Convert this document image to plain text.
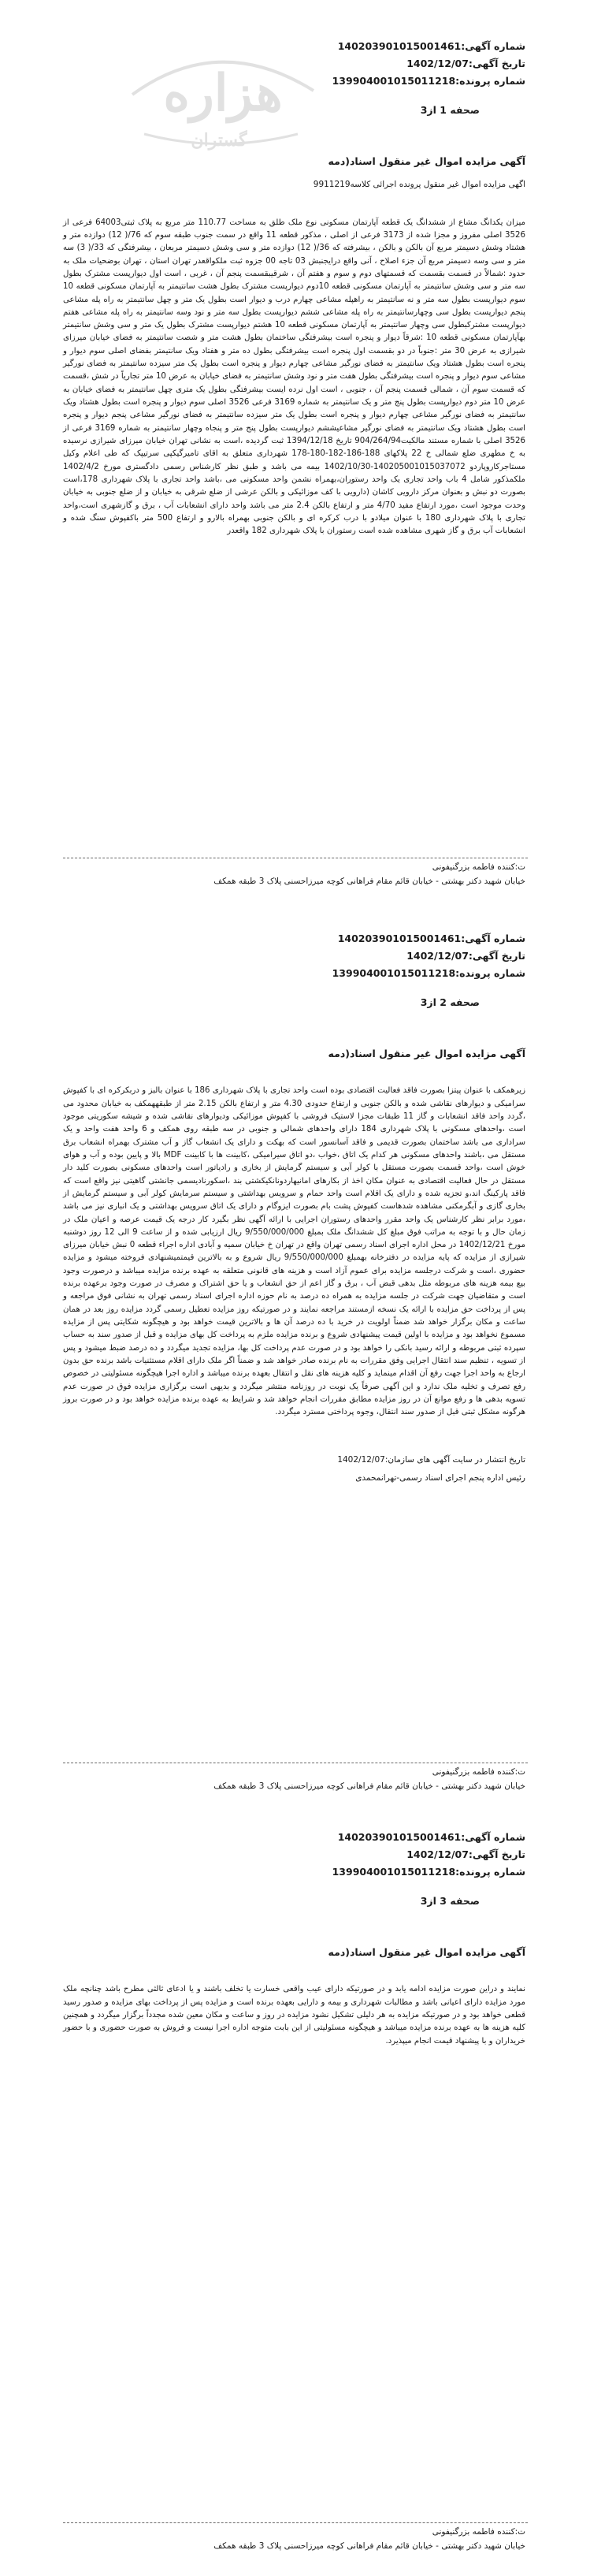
هزاره
گستران
شماره آگهی:1402039010150014​61
تاریخ آگهی:1402/12/07
شماره پرونده:139904001015011218
صحفه 1 از3
آگهی مزایده اموال غیر منقول اسناد(دمه
اگهی مزایده اموال غیر منقول پرونده اجرائی کلاسه9911219
میزان یکدانگ مشاع از ششدانگ یک قطعه آپارتمان مسکونی نوع ملک طلق به مساحت 110.77 متر مربع به پلاک ثبتی64003 فرعی از 3526 اصلی مفروز و مجزا شده از 3173 فرعی از اصلی ، مذکور قطعه 11 واقع در سمت جنوب طبقه سوم که 76/( 12) دوازده متر و هشتاد وشش دسیمتر مربع آن بالکن و بالکن ، بیشرفته که 36/( 12) دوازده متر و سی وشش دسیمتر مربعان ، بیشرفتگی که 33/( 3) سه متر و سی وسه دسیمتر مربع آن جزء اصلاح ، آنی واقع درایجنبش 03 تاجه 00 جزوه ثبت ملکواقعدر تهران استان ، تهران بوضحیات ملک به حدود :شمالاً در قسمت بقسمت که قسمتهای دوم و سوم و هفتم آن ، شرقیبقسمت پنجم آن ، غربی ، است اول دیوارپست مشترک بطول سه متر و سی وشش سانتیمتر به آپارتمان مسکونی قطعه 10دوم دیوارپست مشترک بطول هشت سانتیمتر به آپارتمان مسکونی قطعه 10 سوم دیوارپست بطول سه متر و نه سانتیمتر به راهپله مشاعی چهارم درب و دیوار است بطول یک متر و چهل سانتیمتر به راه پله مشاعی پنجم دیوارپست بطول سی وچهارسانتیمتر به راه پله مشاعی ششم دیوارپست بطول سه متر و نود وسه سانتیمتر به راه پله مشاعی هفتم دیوارپست مشترکبطول سی وچهار سانتیمتر به آپارتمان مسکونی قطعه 10 هشتم دیوارپست مشترک بطول یک متر و سی وشش سانتیمتر بهآپارتمان مسکونی قطعه 10 :شرقاً دیوار و پنجره است بیشرفتگی ساختمان بطول هشت متر و شصت سانتیمتر به فضای خیابان میرزای شیرازی به عرض 30 متر :جنوباً در دو بقسمت اول پنجره است بیشرفتگی بطول ده متر و هفتاد ویک سانتیمتر بفضای اصلی سوم دیوار و پنجره است بطول هشتاد ویک سانتیمتر به فضای نورگیر مشاعی چهارم دیوار و پنجره است بطول یک متر سیزده سانتیمتر به فضای نورگیر مشاعی سوم دیوار و پنجره است بیشرفتگی بطول هفت متر و نود وشش سانتیمتر به فضای خیابان به عرض 10 متر تجاریاً در شش ،قسمت که قسمت سوم آن ، شمالی قسمت پنجم آن ، جنوبی ، است اول نرده ایست بیشرفتگی بطول یک متری چهل سانتیمتر به فضای خیابان به عرض 10 متر دوم دیوارپست بطول پنج متر و یک سانتیمتر به شماره 3169 فرعی 3526 اصلی سوم دیوار و پنجره است بطول هشتاد ویک سانتیمتر به فضای نورگیر مشاعی چهارم دیوار و پنجره است بطول یک متر سیزده سانتیمتر به فضای نورگیر مشاعی پنجم دیوار و پنجره است بطول هشتاد ویک سانتیمتر به فضای نورگیر مشاعیششم دیوارپست بطول پنج متر و پنجاه وچهار سانتیمتر به شماره 3169 فرعی از 3526 اصلی با شماره مستند مالکیت904/264/94 تاریخ 1394/12/18 ثبت گردیده ،است به نشانی تهران خیابان میرزای شیرازی نرسیده به خ مطهری ضلع شمالی خ 22 پلاکهای 188-186-182-180-178 شهرداری متعلق به اقای تامیرگیکپی سرتیپک که طی اعلام وکیل مستاجرکاروپاردو 140205001015037072-1402/10/30 بیمه می باشد و طبق نظر کارشناس رسمی دادگستری مورخ 1402/4/2 ملکمذکور شامل 4 باب واحد تجاری یک واحد رستوران،بهمراه نشمن واحد مسکونی می ،باشد واحد تجاری با پلاک شهرداری 178،است بصورت دو نبش و بعنوان مرکز دارویی کاشان (دارویی با کف موزائیکی و بالکن عرشی از ضلع شرقی به خیابان و از ضلع جنوبی به خیابان وحدت موجود است ،مورد ارتفاع مفید 4/70 متر و ارتفاع بالکن 2.4 متر می باشد واحد دارای انشعابات آب ، برق و گازشهری است،واحد تجاری با پلاک شهرداری 180 با عنوان میلادو با درب کرکره ای و بالکن جنوبی بهمراه بالارو و ارتفاع 500 متر باکفپوش سنگ شده و انشعابات آب برق و گاز شهری مشاهده شده است رستوران با پلاک شهرداری 182 واقعدر
ت:کننده فاطمه بزرگنیفونی
خیابان شهید دکتر بهشتی - خیابان قائم مقام فراهانی کوچه میرزاحسنی پلاک 3 طبقه همکف
شماره آگهی:140203901015001461
تاریخ آگهی:1402/12/07
شماره پرونده:139904001015011218
صحفه 2 از3
آگهی مزایده اموال غیر منقول اسناد(دمه
زیرهمکف با عنوان پیتزا بصورت فاقد فعالیت اقتصادی بوده است واحد تجاری با پلاک شهرداری 186 با عنوان بالبز و دربکرکره ای با کفپوش سرامیکی و دیوارهای نقاشی شده و بالکن جنوبی و ارتفاع حدودی 4.30 متر و ارتفاع بالکن 2.15 متر از طبقههمکف به خیابان محدود می ،گردد واحد فاقد انشعابات و گاز 11 طبقات مجزا لاستیک فروشی با کفپوش موزائیکی ودیوارهای نقاشی شده و شیشه سکوریتی موجود است ،واحدهای مسکونی با پلاک شهرداری 184 دارای واحدهای شمالی و جنوبی در سه طبقه روی همکف و 6 واحد هفت واحد و یک سراداری می باشد ساختمان بصورت قدیمی و فاقد آسانسور است که بهکت و دارای یک انشعاب گاز و آب مشترک بهمراه انشعاب برق مستقل می ،باشند واحدهای مسکونی هر کدام یک اتاق ،خواب ،دو اتاق سیرامیکی ،کابینت ها با کابینت MDF بالا و پایین بوده و آب و هوای خوش است ،واحد قسمت بصورت مستقل با کولر آبی و سیستم گرمایش از بخاری و رادیاتور است واحدهای مسکونی بصورت کلید دار مستقل در حال فعالیت اقتصادی به عنوان مکان اخذ از بکارهای امانیهاردونانکیکشتی بند ،اسکورنادیسمی جانشتی گاهیتی نیز واقع است که فاقد پارکینگ اند،و تجزیه شده و دارای یک اقلام است واحد حمام و سرویس بهداشتی و سیستم سرمایش کولر آبی و سیستم گرمایش از بخاری گازی و آبگرمکنی مشاهده شدهاست کفپوش پشت بام بصورت ایزوگام و دارای یک اتاق سرویس بهداشتی و یک انباری نیز می باشد ،مورد برابر نظر کارشناس یک واحد مقرر واحدهای رستوران اجرایی با ارائه آگهی نظر بگیرد کار درجه یک قیمت عرصه و اعیان ملک در زمان حال و با توجه به مراتب فوق مبلغ کل ششدانگ ملک بمبلغ 9/550/000/000 ریال ارزیابی شده و از ساعت 9 الی 12 روز دوشنبه مورخ 1402/12/21 در محل اداره اجرای اسناد رسمی تهران واقع در تهران خ خیابان سمیه و آبادی اداره اجراء قطعه 0 نبش خیابان میرزای شیرازی از مزایده که پایه مزایده در دفترخانه بهمبلغ 9/550/000/000 ریال شروع و به بالاترین قیمتمیشنهادی فروخته میشود و مزایده حضوری ،است و شرکت درجلسه مزایده برای عموم آزاد است و هزینه های قانونی متعلقه به عهده برنده مزایده میباشد و درصورت وجود بیع بیمه هزینه های مربوطه مثل بدهی قبض آب ، برق و گاز اعم از حق انشعاب و یا حق اشتراک و مصرف در صورت وجود برعهده برنده است و متقاضیان جهت شرکت در جلسه مزایده به همراه ده درصد به نام حوزه اداره اجرای اسناد رسمی تهران به نشانی فوق مراجعه و پس از پرداخت حق مزایده با ارائه یک نسخه ازمستند مراجعه نمایند و در صورتیکه روز مزایده تعطیل رسمی گردد مزایده روز بعد در همان ساعت و مکان برگزار خواهد شد ضمناً اولویت در خرید با ده درصد آن ها و بالاترین قیمت خواهد بود و هیچگونه شکایتی پس از مزایده مسموع نخواهد بود و مزایده با اولین قیمت پیشنهادی شروع و برنده مزایده ملزم به پرداخت کل بهای مزایده و قبل از صدور سند به حساب سپرده ثبتی مربوطه و ارائه رسید بانکی را خواهد بود و در صورت عدم پرداخت کل بها، مزایده تجدید میگردد و ده درصد ضبط میشود و پس از تسویه ، تنظیم سند انتقال اجرایی وفق مقررات به نام برنده صادر خواهد شد و ضمناً اگر ملک دارای اقلام مستثنیات باشد برنده حق بدون ارجاع به واحد اجرا جهت رفع آن اقدام مینماید و کلیه هزینه های نقل و انتقال بعهده برنده میباشد و اداره اجرا هیچگونه مسئولیتی در خصوص رفع تصرف و تخلیه ملک ندارد و این آگهی صرفاً یک نوبت در روزنامه منتشر میگردد و بدیهی است برگزاری مزایده فوق در صورت عدم تسویه بدهی ها و رفع موانع آن در روز مزایده مطابق مقررات انجام خواهد شد و شرایط به عهده برنده مزایده خواهد بود و در صورت بروز هرگونه مشکل ثبتی قبل از صدور سند انتقال، وجوه پرداختی مسترد میگردد.
تاریخ انتشار در سایت آگهی های سازمان:1402/12/07
رئیس اداره پنجم اجرای اسناد رسمی-تهرانمحمدی
ت:کننده فاطمه بزرگنیفونی
خیابان شهید دکتر بهشتی - خیابان قائم مقام فراهانی کوچه میرزاحسنی پلاک 3 طبقه همکف
شماره آگهی:140203901015001461
تاریخ آگهی:1402/12/07
شماره پرونده:139904001015011218
صحفه 3 از3
آگهی مزایده اموال غیر منقول اسناد(دمه
نمایند و دراین صورت مزایده ادامه یابد و در صورتیکه دارای عیب واقعی خسارت یا تخلف باشند و یا ادعای ثالثی مطرح باشد چنانچه ملک مورد مزایده دارای اعیانی باشد و مطالبات شهرداری و بیمه و دارایی بعهده برنده است و مزایده پس از پرداخت بهای مزایده و صدور رسید قطعی خواهد بود و در صورتیکه مزایده به هر دلیلی تشکیل نشود مزایده در روز و ساعت و مکان معین شده مجدداً برگزار میگردد و همچنین کلیه هزینه ها به عهده برنده مزایده میباشد و هیچگونه مسئولیتی از این بابت متوجه اداره اجرا نیست و فروش به صورت حضوری و با حضور خریداران و با پیشنهاد قیمت انجام میپذیرد.
ت:کننده فاطمه بزرگنیفونی
خیابان شهید دکتر بهشتی - خیابان قائم مقام فراهانی کوچه میرزاحسنی پلاک 3 طبقه همکف
